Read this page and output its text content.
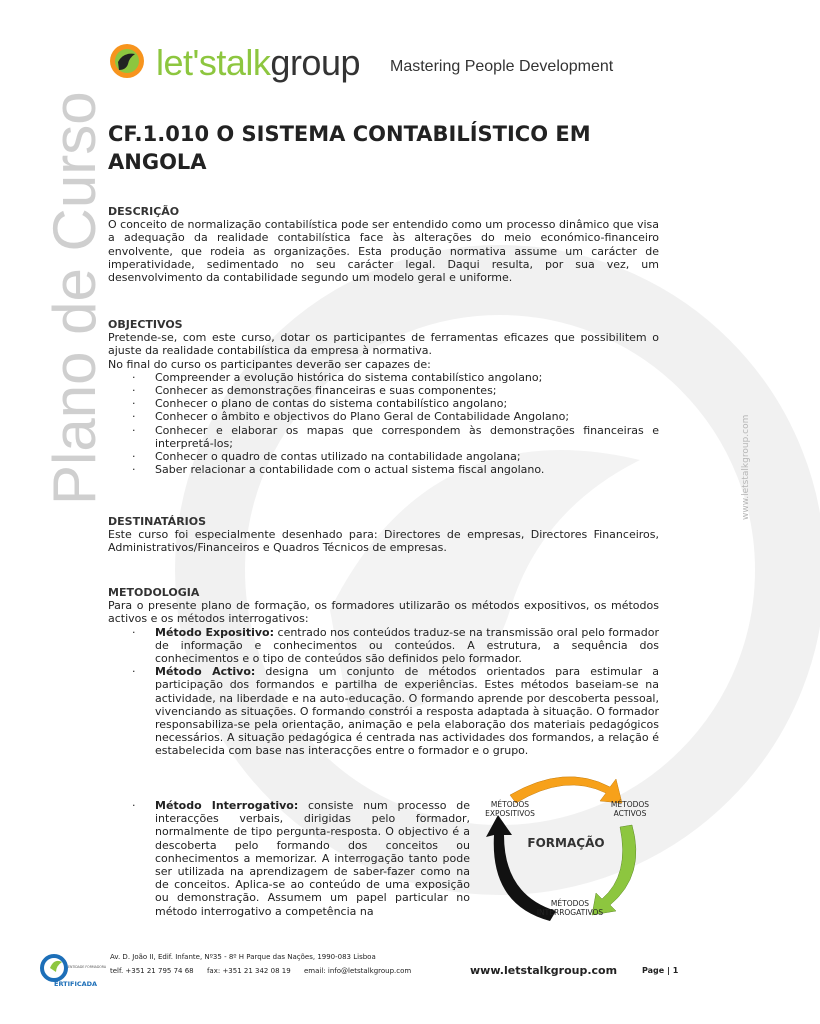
Plano de Curso	www.letstalkgroup.com
let'stalkgroup Mastering People Development
CF.1.010 O SISTEMA CONTABILÍSTICO EM ANGOLA
DESCRIÇÃO

O conceito de normalização contabilística pode ser entendido como um processo dinâmico que visa a adequação da realidade contabilística face às alterações do meio económico-financeiro envolvente, que rodeia as organizações. Esta produção normativa assume um carácter de imperatividade, sedimentado no seu carácter legal. Daqui resulta, por sua vez, um desenvolvimento da contabilidade segundo um modelo geral e uniforme.

OBJECTIVOS

Pretende-se, com este curso, dotar os participantes de ferramentas eficazes que possibilitem o ajuste da realidade contabilística da empresa à normativa.

No final do curso os participantes deverão ser capazes de:

· Compreender a evolução histórica do sistema contabilístico angolano;
· Conhecer as demonstrações financeiras e suas componentes;
· Conhecer o plano de contas do sistema contabilístico angolano;
· Conhecer o âmbito e objectivos do Plano Geral de Contabilidade Angolano;
· Conhecer e elaborar os mapas que correspondem às demonstrações financeiras e interpretá-los;
· Conhecer o quadro de contas utilizado na contabilidade angolana;
· Saber relacionar a contabilidade com o actual sistema fiscal angolano.
DESTINATÁRIOS

Este curso foi especialmente desenhado para: Directores de empresas, Directores Financeiros, Administrativos/Financeiros e Quadros Técnicos de empresas.

METODOLOGIA

Para o presente plano de formação, os formadores utilizarão os métodos expositivos, os métodos activos e os métodos interrogativos:

· Método Expositivo: centrado nos conteúdos traduz-se na transmissão oral pelo formador de informação e conhecimentos ou conteúdos. A estrutura, a sequência dos conhecimentos e o tipo de conteúdos são definidos pelo formador.
· Método Activo: designa um conjunto de métodos orientados para estimular a participação dos formandos e partilha de experiências. Estes métodos baseiam-se na actividade, na liberdade e na auto-educação. O formando aprende por descoberta pessoal, vivenciando as situações. O formando constrói a resposta adaptada à situação. O formador responsabiliza-se pela orientação, animação e pela elaboração dos materiais pedagógicos necessários. A situação pedagógica é centrada nas actividades dos formandos, a relação é estabelecida com base nas interacções entre o formador e o grupo.
· Método Interrogativo: consiste num processo de interacções verbais, dirigidas pelo formador, normalmente de tipo pergunta-resposta. O objectivo é a descoberta pelo formando dos conceitos ou conhecimentos a memorizar. A interrogação tanto pode ser utilizada na aprendizagem de saber-fazer como na de conceitos. Aplica-se ao conteúdo de uma exposição ou demonstração. Assumem um papel particular no método interrogativo a competência na
MÉTODOS
EXPOSITIVOS
MÉTODOS
ACTIVOS
FORMAÇÃO
MÉTODOS
INTERROGATIVOS
ENTIDADE FORMADORA
ERTIFICADA
Av. D. João II, Edif. Infante, Nº35 - 8º H Parque das Nações, 1990-083 Lisboa
telf. +351 21 795 74 68      fax: +351 21 342 08 19      email: info@letstalkgroup.com	www.letstalkgroup.com	Page | 1
